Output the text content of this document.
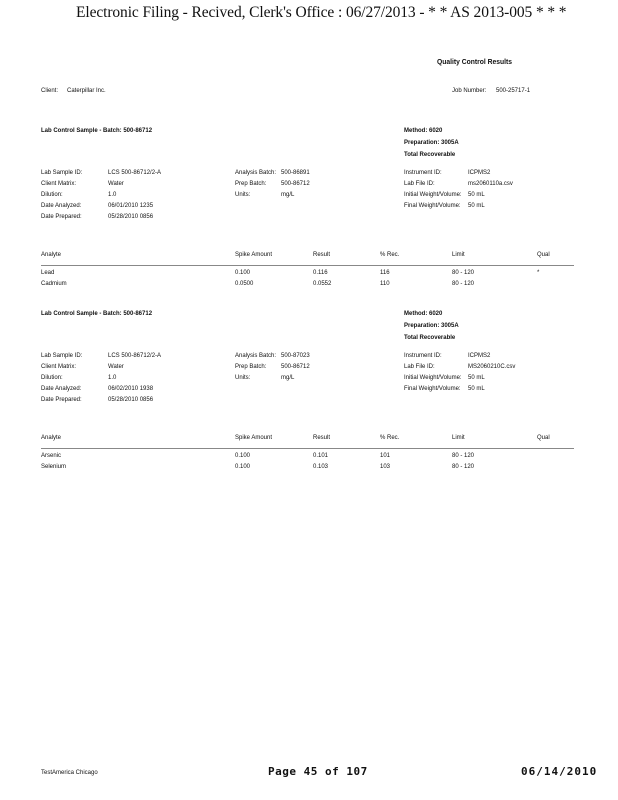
Electronic Filing - Recived, Clerk's Office : 06/27/2013 - * * AS 2013-005 * * *
Quality Control Results
Client: Caterpillar Inc.	Job Number: 500-25717-1
Lab Control Sample - Batch: 500-86712	Method: 6020
Preparation: 3005A
Total Recoverable
Lab Sample ID:	LCS 500-86712/2-A
Client Matrix:	Water
Dilution:	1.0
Date Analyzed:	06/01/2010 1235
Date Prepared:	05/28/2010 0856
Analysis Batch: 500-86891
Prep Batch: 500-86712
Units:	mg/L
Instrument ID:	ICPMS2
Lab File ID:	ms2060110a.csv
Initial Weight/Volume: 50 mL
Final Weight/Volume: 50 mL
Analyte	Spike Amount	Result	% Rec.	Limit	Qual
Lead	0.100	0.116	116	80 - 120	*
Cadmium	0.0500	0.0552	110	80 - 120
Lab Control Sample - Batch: 500-86712	Method: 6020
Preparation: 3005A
Total Recoverable
Lab Sample ID:	LCS 500-86712/2-A
Client Matrix:	Water
Dilution:	1.0
Date Analyzed:	06/02/2010 1938
Date Prepared:	05/28/2010 0856
Analysis Batch: 500-87023
Prep Batch: 500-86712
Units:	mg/L
Instrument ID:	ICPMS2
Lab File ID:	MS2060210C.csv
Initial Weight/Volume: 50 mL
Final Weight/Volume: 50 mL
Analyte	Spike Amount	Result	% Rec.	Limit	Qual
Arsenic	0.100	0.101	101	80 - 120
Selenium	0.100	0.103	103	80 - 120
TestAmerica Chicago	Page 45 of 107	06/14/2010
